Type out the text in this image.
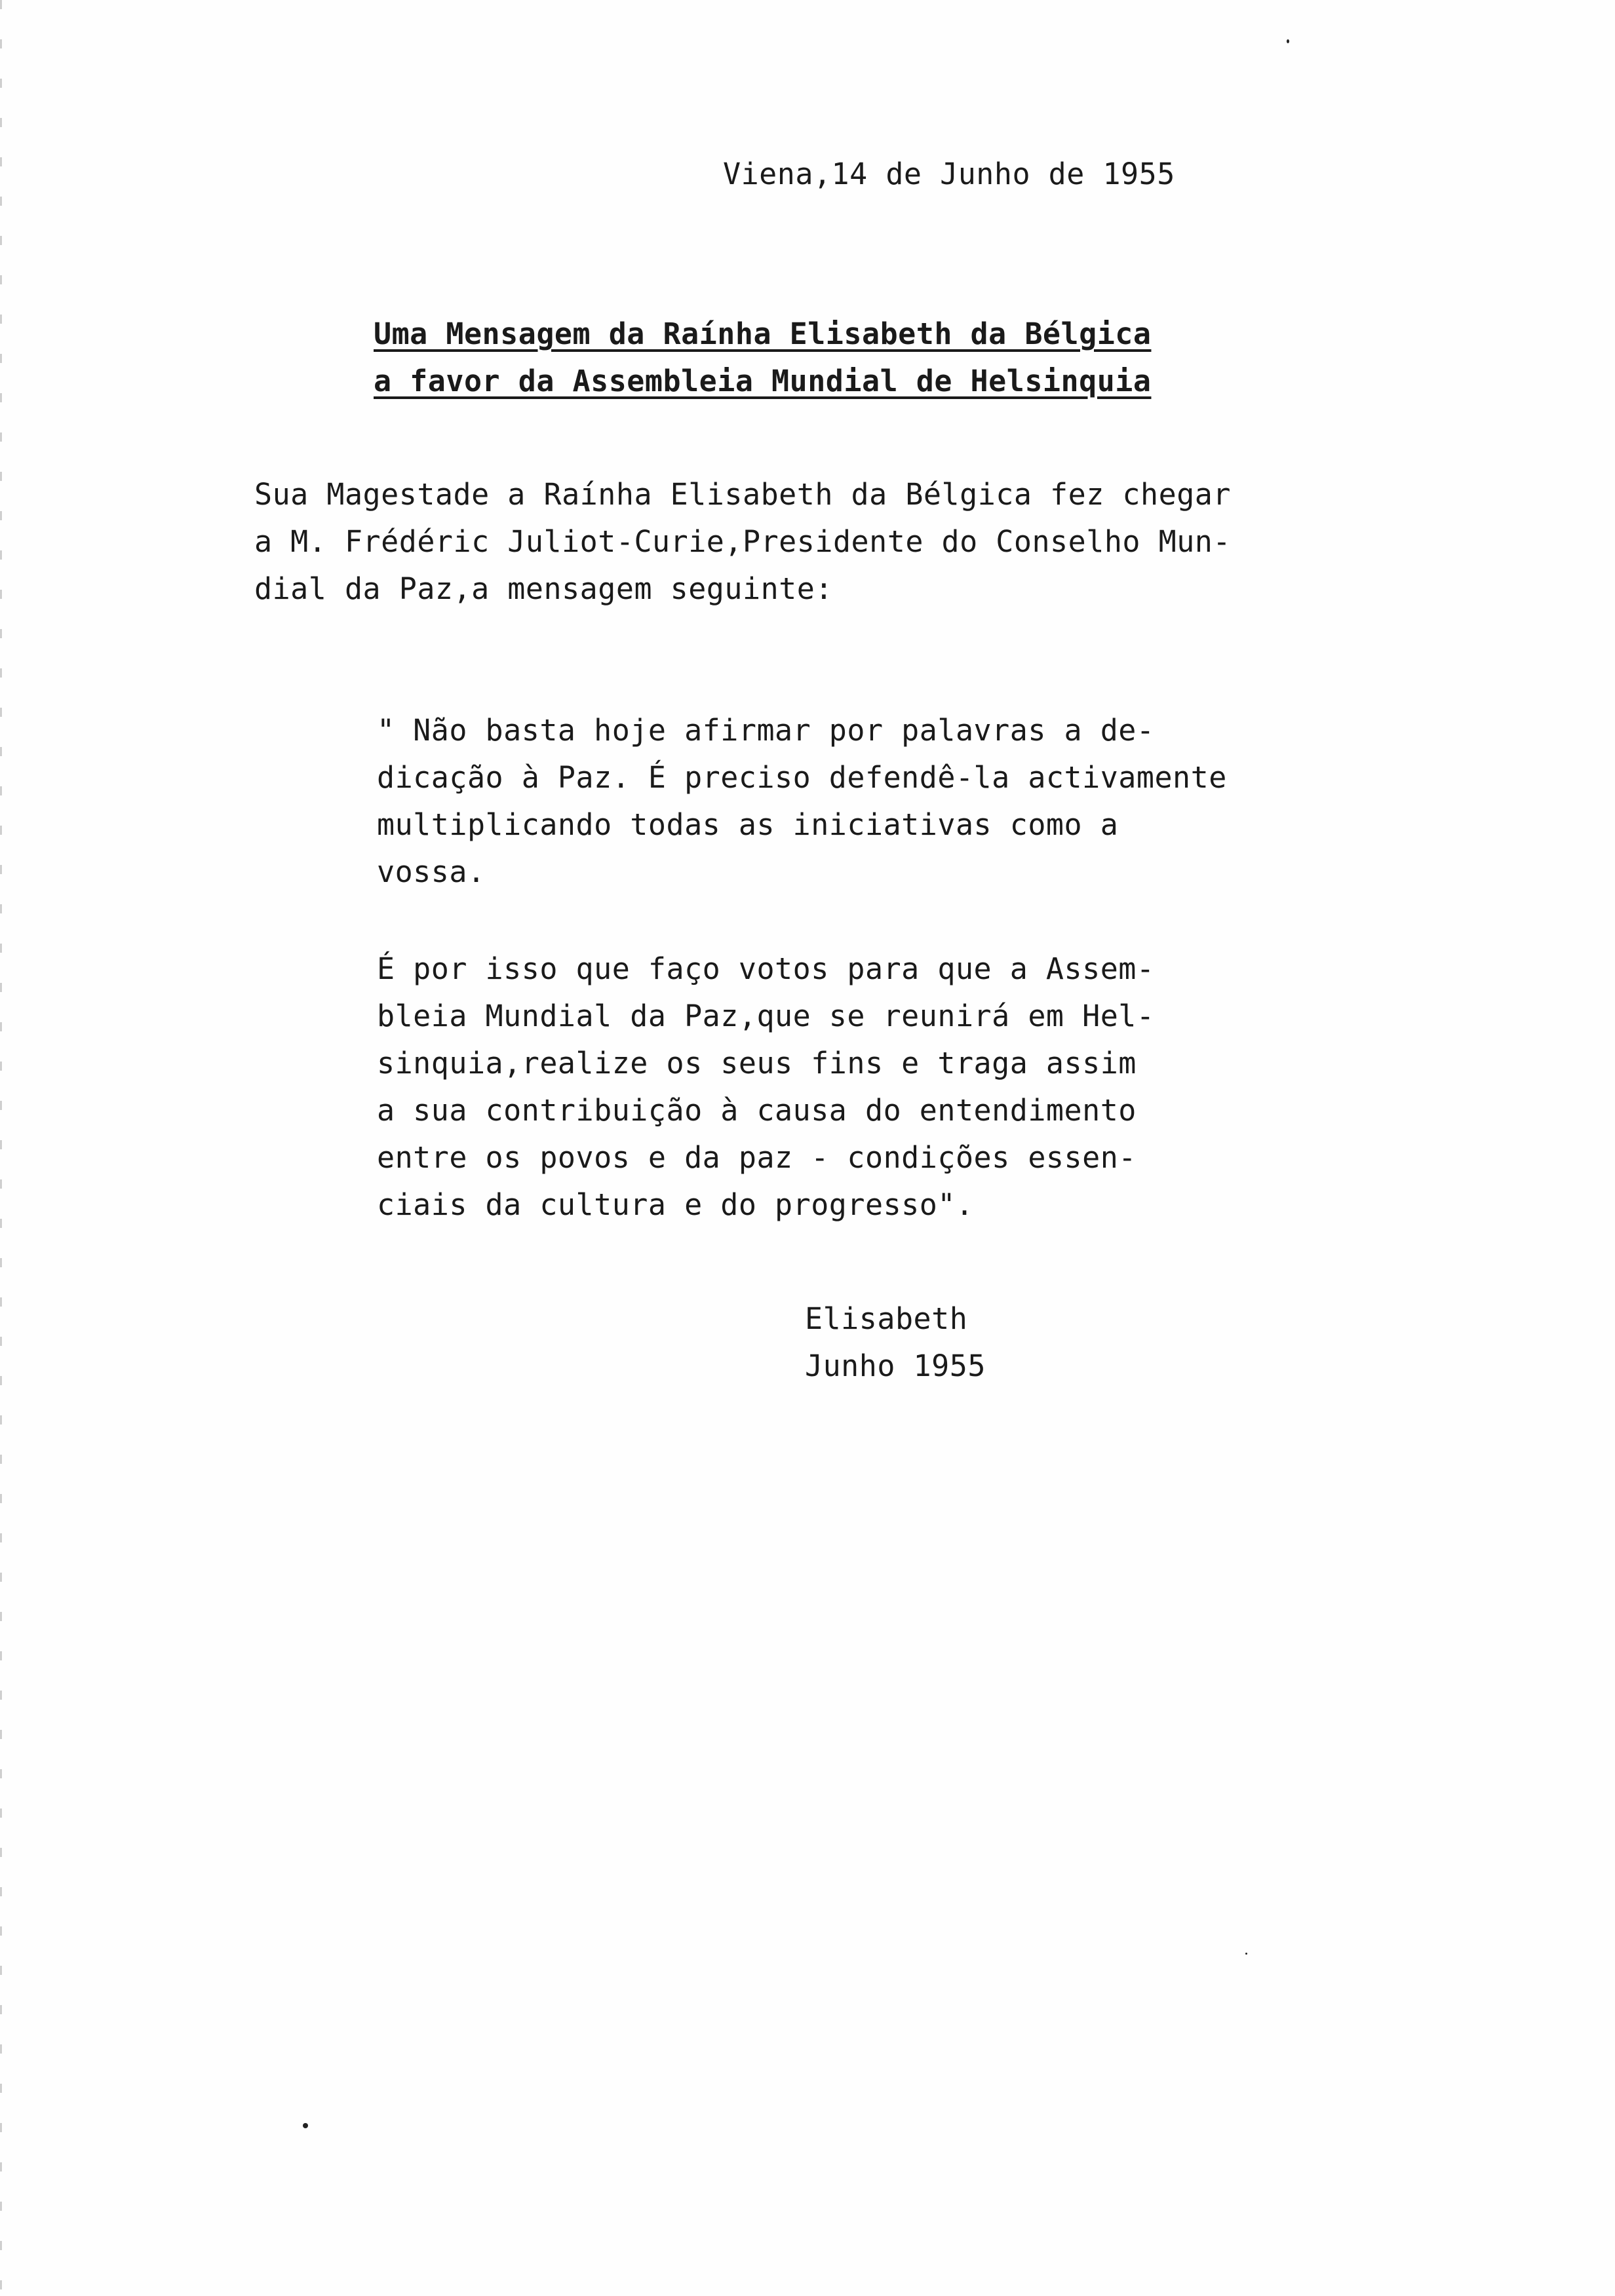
Viena,14 de Junho de 1955
Uma Mensagem da Raínha Elisabeth da Bélgica
a favor da Assembleia Mundial de Helsinquia
Sua Magestade a Raínha Elisabeth da Bélgica fez chegar
a M. Frédéric Juliot-Curie,Presidente do Conselho Mun-
dial da Paz,a mensagem seguinte:
" Não basta hoje afirmar por palavras a de-
dicação à Paz. É preciso defendê-la activamente
multiplicando todas as iniciativas como a
vossa.
É por isso que faço votos para que a Assem-
bleia Mundial da Paz,que se reunirá em Hel-
sinquia,realize os seus fins e traga assim
a sua contribuição à causa do entendimento
entre os povos e da paz - condições essen-
ciais da cultura e do progresso".
Elisabeth
Junho 1955
